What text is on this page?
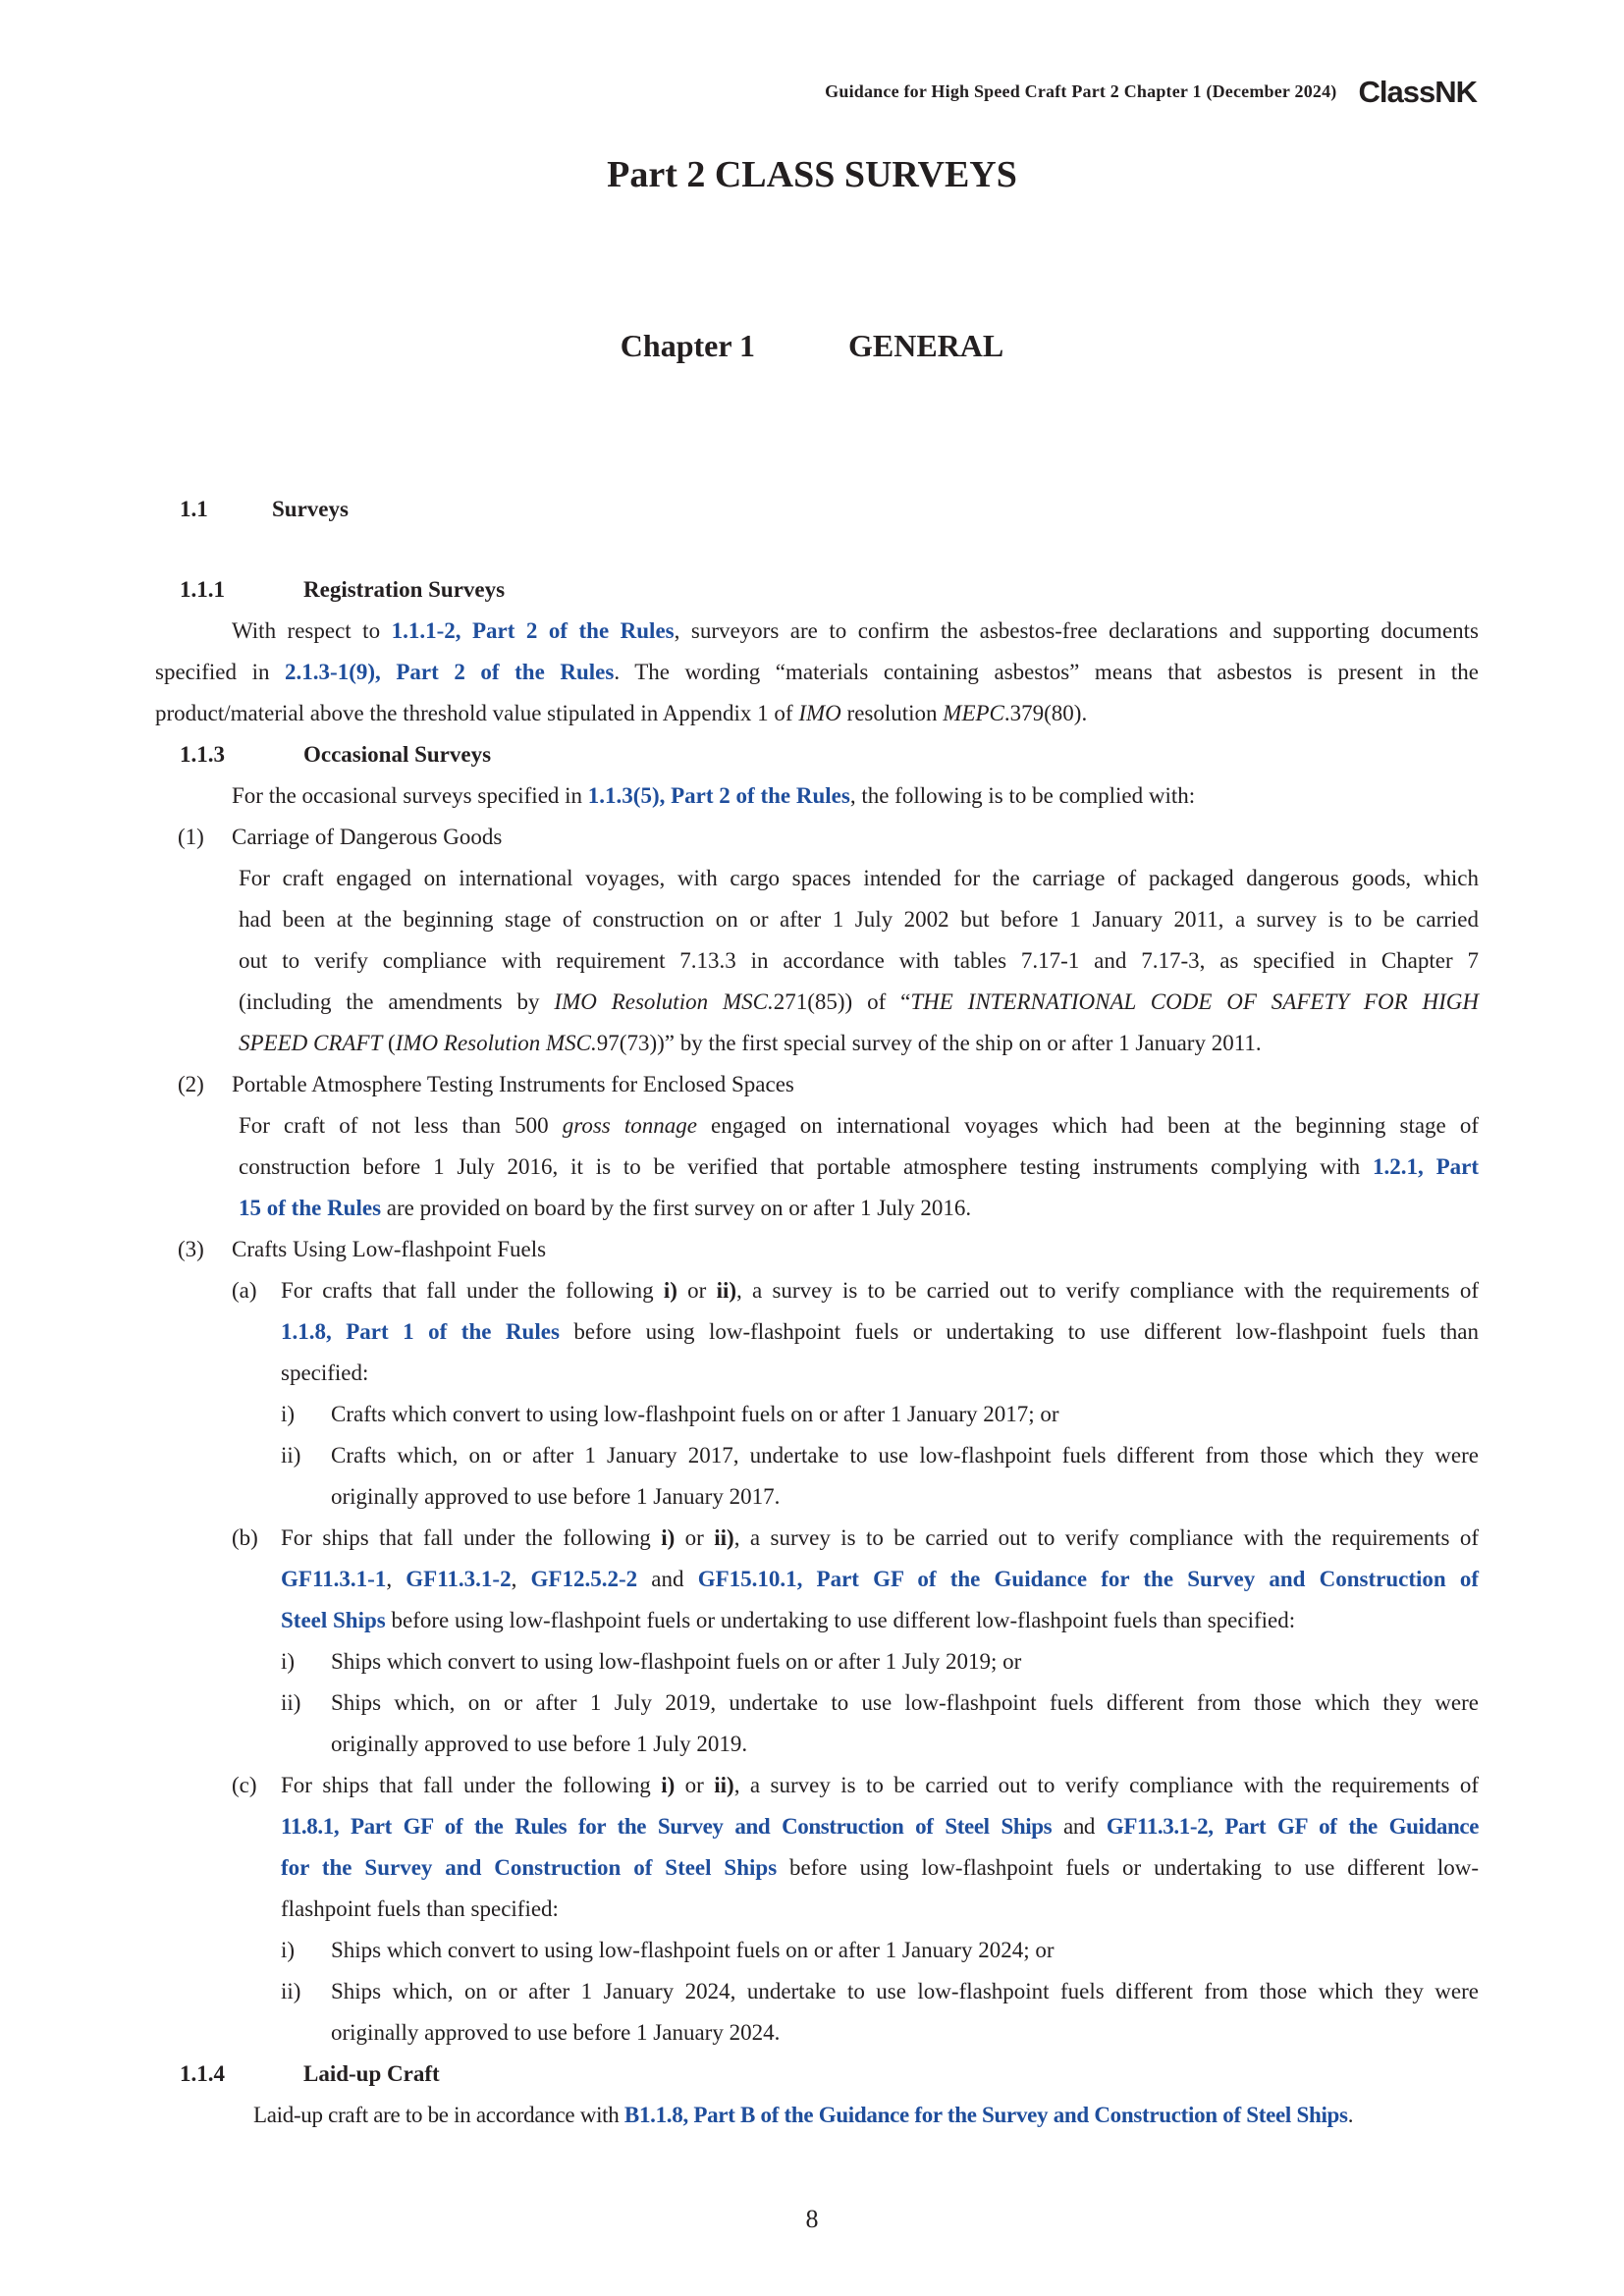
Guidance for High Speed Craft Part 2 Chapter 1 (December 2024) ClassNK
Part 2 CLASS SURVEYS
Chapter 1	GENERAL
1.1	Surveys
1.1.1	Registration Surveys
With respect to 1.1.1-2, Part 2 of the Rules, surveyors are to confirm the asbestos-free declarations and supporting documents
specified in 2.1.3-1(9), Part 2 of the Rules. The wording “materials containing asbestos” means that asbestos is present in the
product/material above the threshold value stipulated in Appendix 1 of IMO resolution MEPC.379(80).
1.1.3	Occasional Surveys
For the occasional surveys specified in 1.1.3(5), Part 2 of the Rules, the following is to be complied with:
(1) Carriage of Dangerous Goods
For craft engaged on international voyages, with cargo spaces intended for the carriage of packaged dangerous goods, which
had been at the beginning stage of construction on or after 1 July 2002 but before 1 January 2011, a survey is to be carried
out to verify compliance with requirement 7.13.3 in accordance with tables 7.17-1 and 7.17-3, as specified in Chapter 7
(including the amendments by IMO Resolution MSC.271(85)) of “THE INTERNATIONAL CODE OF SAFETY FOR HIGH
SPEED CRAFT (IMO Resolution MSC.97(73))” by the first special survey of the ship on or after 1 January 2011.
(2) Portable Atmosphere Testing Instruments for Enclosed Spaces
For craft of not less than 500 gross tonnage engaged on international voyages which had been at the beginning stage of
construction before 1 July 2016, it is to be verified that portable atmosphere testing instruments complying with 1.2.1, Part
15 of the Rules are provided on board by the first survey on or after 1 July 2016.
(3) Crafts Using Low-flashpoint Fuels
(a) For crafts that fall under the following i) or ii), a survey is to be carried out to verify compliance with the requirements of
1.1.8, Part 1 of the Rules before using low-flashpoint fuels or undertaking to use different low-flashpoint fuels than
specified:
i) Crafts which convert to using low-flashpoint fuels on or after 1 January 2017; or
ii) Crafts which, on or after 1 January 2017, undertake to use low-flashpoint fuels different from those which they were
originally approved to use before 1 January 2017.
(b) For ships that fall under the following i) or ii), a survey is to be carried out to verify compliance with the requirements of
GF11.3.1-1, GF11.3.1-2, GF12.5.2-2 and GF15.10.1, Part GF of the Guidance for the Survey and Construction of
Steel Ships before using low-flashpoint fuels or undertaking to use different low-flashpoint fuels than specified:
i) Ships which convert to using low-flashpoint fuels on or after 1 July 2019; or
ii) Ships which, on or after 1 July 2019, undertake to use low-flashpoint fuels different from those which they were
originally approved to use before 1 July 2019.
(c) For ships that fall under the following i) or ii), a survey is to be carried out to verify compliance with the requirements of
11.8.1, Part GF of the Rules for the Survey and Construction of Steel Ships and GF11.3.1-2, Part GF of the Guidance
for the Survey and Construction of Steel Ships before using low-flashpoint fuels or undertaking to use different low-
flashpoint fuels than specified:
i) Ships which convert to using low-flashpoint fuels on or after 1 January 2024; or
ii) Ships which, on or after 1 January 2024, undertake to use low-flashpoint fuels different from those which they were
originally approved to use before 1 January 2024.
1.1.4	Laid-up Craft
Laid-up craft are to be in accordance with B1.1.8, Part B of the Guidance for the Survey and Construction of Steel Ships.
8
